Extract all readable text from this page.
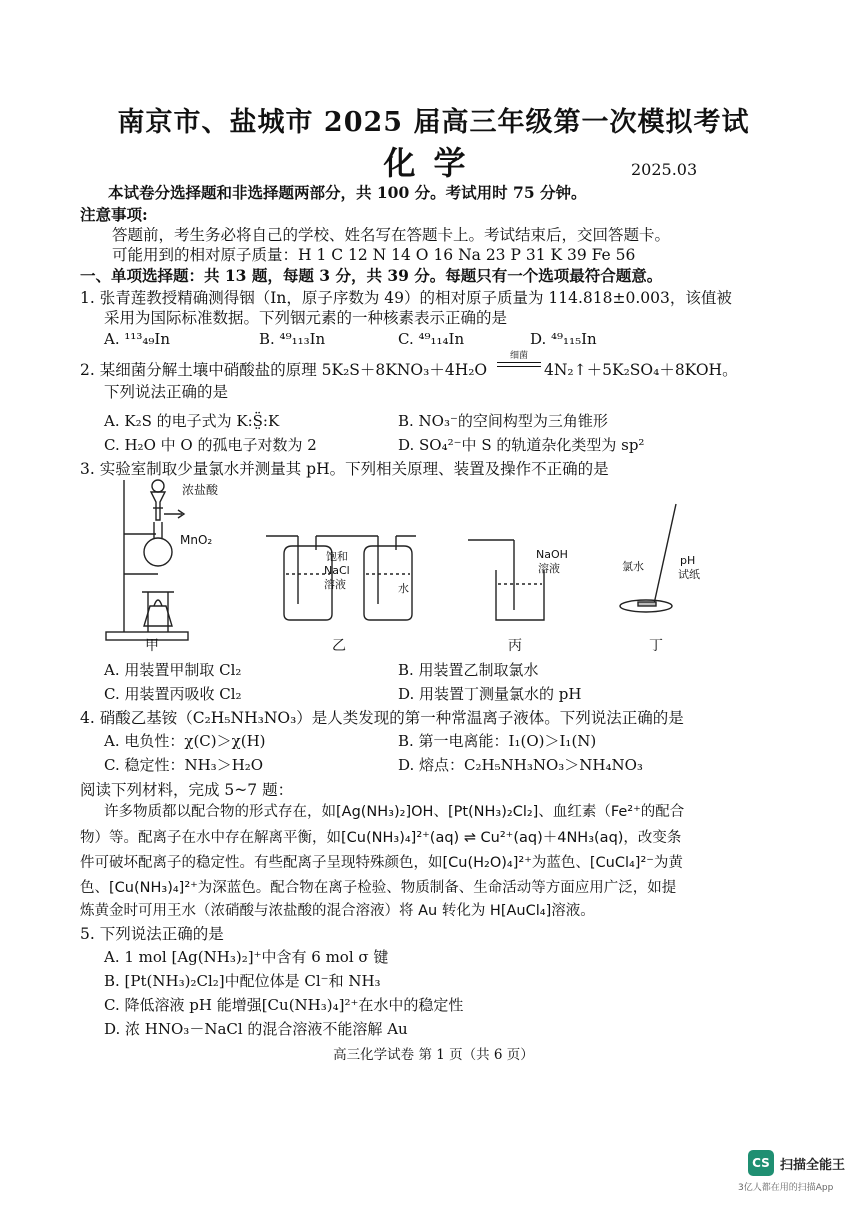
南京市、盐城市 2025 届高三年级第一次模拟考试
化学	2025.03
本试卷分选择题和非选择题两部分，共 100 分。考试用时 75 分钟。
注意事项:
答题前，考生务必将自己的学校、姓名写在答题卡上。考试结束后，交回答题卡。
可能用到的相对原子质量：H 1 C 12 N 14 O 16 Na 23 P 31 K 39 Fe 56
一、单项选择题：共 13 题，每题 3 分，共 39 分。每题只有一个选项最符合题意。
1. 张青莲教授精确测得铟（In，原子序数为 49）的相对原子质量为 114.818±0.003，该值被
采用为国际标准数据。下列铟元素的一种核素表示正确的是
A. ¹¹³₄₉In	B. ⁴⁹₁₁₃In	C. ⁴⁹₁₁₄In	D. ⁴⁹₁₁₅In
2. 某细菌分解土壤中硝酸盐的原理 5K₂S＋8KNO₃＋4H₂O
细菌
4N₂↑＋5K₂SO₄＋8KOH。
下列说法正确的是
A. K₂S 的电子式为 K:S̤̈:K	B. NO₃⁻的空间构型为三角锥形
C. H₂O 中 O 的孤电子对数为 2	D. SO₄²⁻中 S 的轨道杂化类型为 sp²
3. 实验室制取少量氯水并测量其 pH。下列相关原理、装置及操作不正确的是
浓盐酸
MnO₂
饱和
NaCl
溶液	水
NaOH
溶液	氯水	pH
试纸
甲	乙	丙	丁
A. 用装置甲制取 Cl₂	B. 用装置乙制取氯水
C. 用装置丙吸收 Cl₂	D. 用装置丁测量氯水的 pH
4. 硝酸乙基铵（C₂H₅NH₃NO₃）是人类发现的第一种常温离子液体。下列说法正确的是
A. 电负性：χ(C)＞χ(H)	B. 第一电离能：I₁(O)＞I₁(N)
C. 稳定性：NH₃＞H₂O	D. 熔点：C₂H₅NH₃NO₃＞NH₄NO₃
阅读下列材料，完成 5~7 题：
许多物质都以配合物的形式存在，如[Ag(NH₃)₂]OH、[Pt(NH₃)₂Cl₂]、血红素（Fe²⁺的配合
物）等。配离子在水中存在解离平衡，如[Cu(NH₃)₄]²⁺(aq) ⇌ Cu²⁺(aq)＋4NH₃(aq)，改变条
件可破坏配离子的稳定性。有些配离子呈现特殊颜色，如[Cu(H₂O)₄]²⁺为蓝色、[CuCl₄]²⁻为黄
色、[Cu(NH₃)₄]²⁺为深蓝色。配合物在离子检验、物质制备、生命活动等方面应用广泛，如提
炼黄金时可用王水（浓硝酸与浓盐酸的混合溶液）将 Au 转化为 H[AuCl₄]溶液。
5. 下列说法正确的是
A. 1 mol [Ag(NH₃)₂]⁺中含有 6 mol σ 键
B. [Pt(NH₃)₂Cl₂]中配位体是 Cl⁻和 NH₃
C. 降低溶液 pH 能增强[Cu(NH₃)₄]²⁺在水中的稳定性
D. 浓 HNO₃－NaCl 的混合溶液不能溶解 Au
高三化学试卷 第 1 页（共 6 页）
CS 扫描全能王
3亿人都在用的扫描App
